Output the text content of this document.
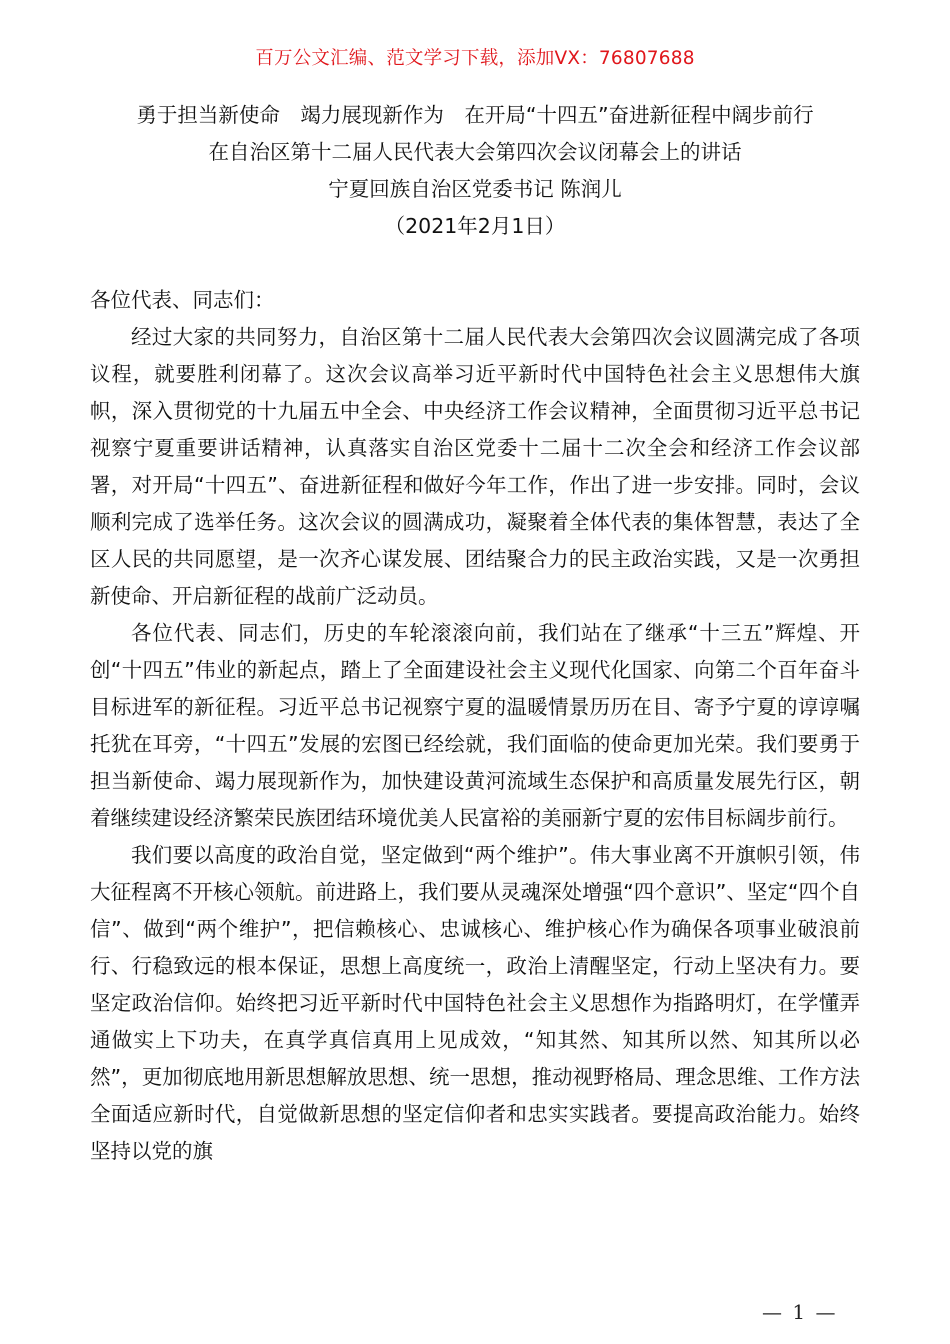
百万公文汇编、范文学习下载，添加VX：76807688
勇于担当新使命　竭力展现新作为　在开局“十四五”奋进新征程中阔步前行
在自治区第十二届人民代表大会第四次会议闭幕会上的讲话
宁夏回族自治区党委书记 陈润儿
（2021年2月1日）

各位代表、同志们：

经过大家的共同努力，自治区第十二届人民代表大会第四次会议圆满完成了各项议程，就要胜利闭幕了。这次会议高举习近平新时代中国特色社会主义思想伟大旗帜，深入贯彻党的十九届五中全会、中央经济工作会议精神，全面贯彻习近平总书记视察宁夏重要讲话精神，认真落实自治区党委十二届十二次全会和经济工作会议部署，对开局“十四五”、奋进新征程和做好今年工作，作出了进一步安排。同时，会议顺利完成了选举任务。这次会议的圆满成功，凝聚着全体代表的集体智慧，表达了全区人民的共同愿望，是一次齐心谋发展、团结聚合力的民主政治实践，又是一次勇担新使命、开启新征程的战前广泛动员。

各位代表、同志们，历史的车轮滚滚向前，我们站在了继承“十三五”辉煌、开创“十四五”伟业的新起点，踏上了全面建设社会主义现代化国家、向第二个百年奋斗目标进军的新征程。习近平总书记视察宁夏的温暖情景历历在目、寄予宁夏的谆谆嘱托犹在耳旁，“十四五”发展的宏图已经绘就，我们面临的使命更加光荣。我们要勇于担当新使命、竭力展现新作为，加快建设黄河流域生态保护和高质量发展先行区，朝着继续建设经济繁荣民族团结环境优美人民富裕的美丽新宁夏的宏伟目标阔步前行。

我们要以高度的政治自觉，坚定做到“两个维护”。伟大事业离不开旗帜引领，伟大征程离不开核心领航。前进路上，我们要从灵魂深处增强“四个意识”、坚定“四个自信”、做到“两个维护”，把信赖核心、忠诚核心、维护核心作为确保各项事业破浪前行、行稳致远的根本保证，思想上高度统一，政治上清醒坚定，行动上坚决有力。要坚定政治信仰。始终把习近平新时代中国特色社会主义思想作为指路明灯，在学懂弄通做实上下功夫，在真学真信真用上见成效，“知其然、知其所以然、知其所以必然”，更加彻底地用新思想解放思想、统一思想，推动视野格局、理念思维、工作方法全面适应新时代，自觉做新思想的坚定信仰者和忠实实践者。要提高政治能力。始终坚持以党的旗

— 1 —
